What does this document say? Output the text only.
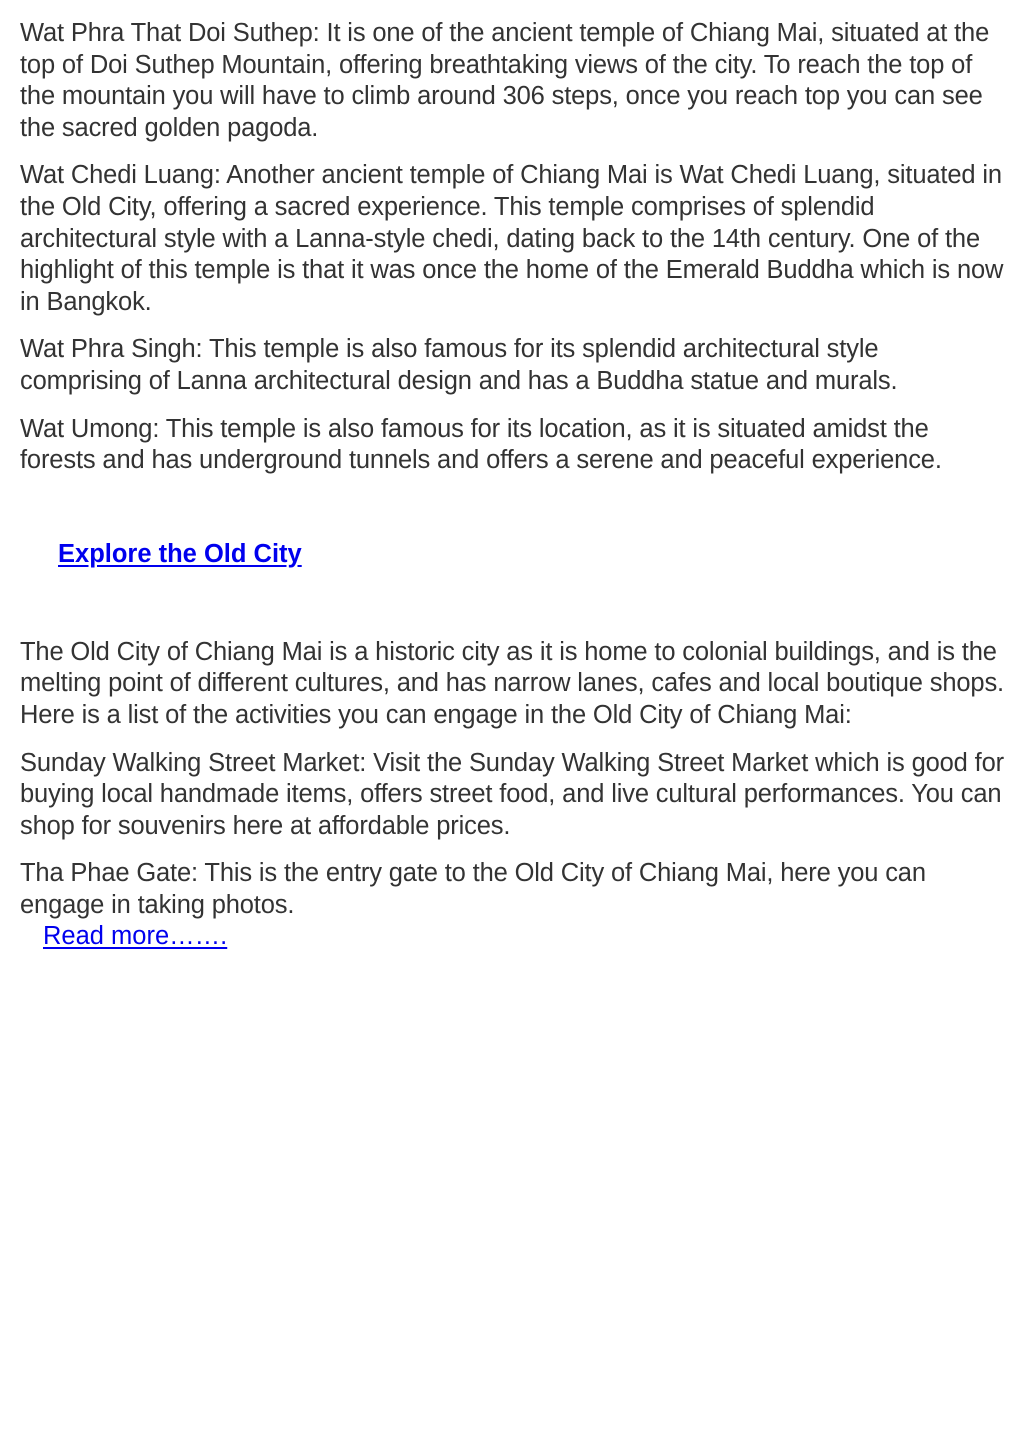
Wat Phra That Doi Suthep: It is one of the ancient temple of Chiang Mai, situated at the top of Doi Suthep Mountain, offering breathtaking views of the city. To reach the top of the mountain you will have to climb around 306 steps, once you reach top you can see the sacred golden pagoda.

Wat Chedi Luang: Another ancient temple of Chiang Mai is Wat Chedi Luang, situated in the Old City, offering a sacred experience. This temple comprises of splendid architectural style with a Lanna-style chedi, dating back to the 14th century. One of the highlight of this temple is that it was once the home of the Emerald Buddha which is now in Bangkok.

Wat Phra Singh: This temple is also famous for its splendid architectural style comprising of Lanna architectural design and has a Buddha statue and murals.

Wat Umong: This temple is also famous for its location, as it is situated amidst the forests and has underground tunnels and offers a serene and peaceful experience.

Explore the Old City

The Old City of Chiang Mai is a historic city as it is home to colonial buildings, and is the melting point of different cultures, and has narrow lanes, cafes and local boutique shops. Here is a list of the activities you can engage in the Old City of Chiang Mai:

Sunday Walking Street Market: Visit the Sunday Walking Street Market which is good for buying local handmade items, offers street food, and live cultural performances. You can shop for souvenirs here at affordable prices.

Tha Phae Gate: This is the entry gate to the Old City of Chiang Mai, here you can engage in taking photos.

Read more…….
